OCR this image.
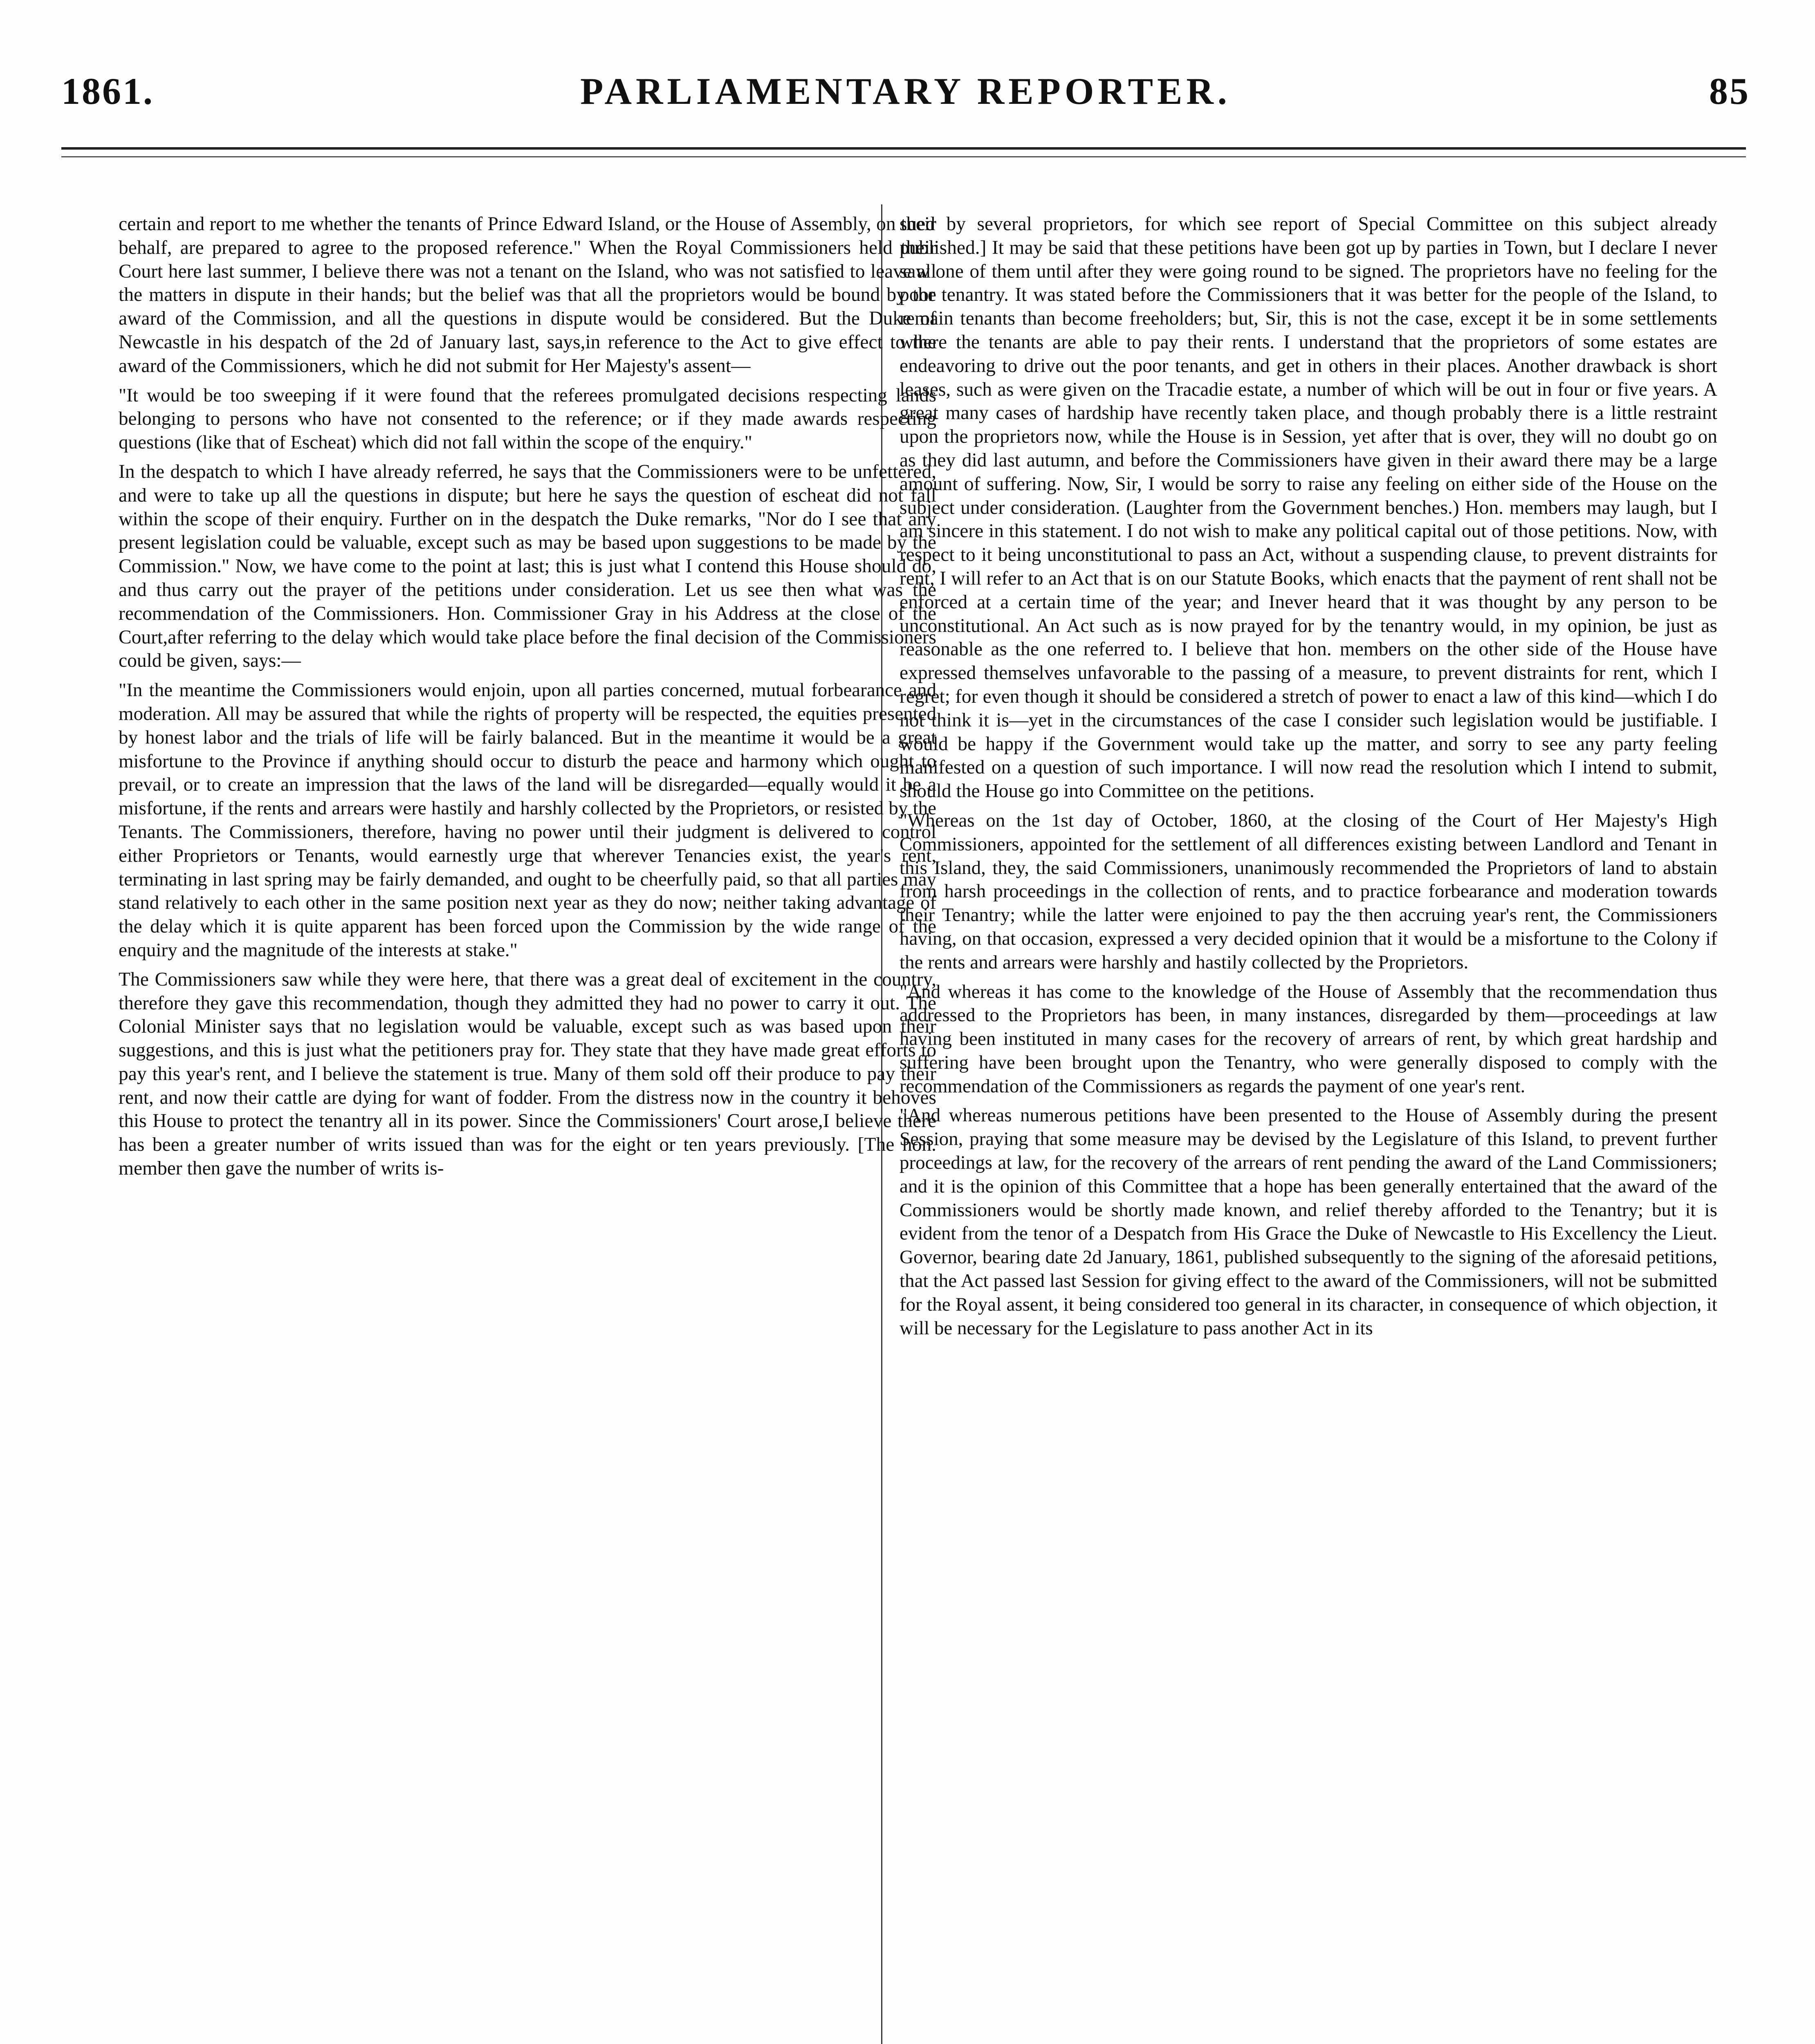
1861.	PARLIAMENTARY REPORTER.	85

certain and report to me whether the tenants of Prince Edward Island, or the House of Assembly, on their behalf, are prepared to agree to the proposed reference." When the Royal Commissioners held their Court here last summer, I believe there was not a tenant on the Island, who was not satisfied to leave all the matters in dispute in their hands; but the belief was that all the proprietors would be bound by the award of the Commission, and all the questions in dispute would be considered. But the Duke of Newcastle in his despatch of the 2d of January last, says,in reference to the Act to give effect to the award of the Commissioners, which he did not submit for Her Majesty's assent—

"It would be too sweeping if it were found that the referees promulgated decisions respecting lands belonging to persons who have not consented to the reference; or if they made awards respecting questions (like that of Escheat) which did not fall within the scope of the enquiry."

In the despatch to which I have already referred, he says that the Commissioners were to be unfettered, and were to take up all the questions in dispute; but here he says the question of escheat did not fall within the scope of their enquiry. Further on in the despatch the Duke remarks, "Nor do I see that any present legislation could be valuable, except such as may be based upon suggestions to be made by the Commission." Now, we have come to the point at last; this is just what I contend this House should do, and thus carry out the prayer of the petitions under consideration. Let us see then what was the recommendation of the Commissioners. Hon. Commissioner Gray in his Address at the close of the Court,after referring to the delay which would take place before the final decision of the Commissioners could be given, says:—

"In the meantime the Commissioners would enjoin, upon all parties concerned, mutual forbearance and moderation. All may be assured that while the rights of property will be respected, the equities presented by honest labor and the trials of life will be fairly balanced. But in the meantime it would be a great misfortune to the Province if anything should occur to disturb the peace and harmony which ought to prevail, or to create an impression that the laws of the land will be disregarded—equally would it be a misfortune, if the rents and arrears were hastily and harshly collected by the Proprietors, or resisted by the Tenants. The Commissioners, therefore, having no power until their judgment is delivered to control either Proprietors or Tenants, would earnestly urge that wherever Tenancies exist, the year's rent, terminating in last spring may be fairly demanded, and ought to be cheerfully paid, so that all parties may stand relatively to each other in the same position next year as they do now; neither taking advantage of the delay which it is quite apparent has been forced upon the Commission by the wide range of the enquiry and the magnitude of the interests at stake."

The Commissioners saw while they were here, that there was a great deal of excitement in the country, therefore they gave this recommendation, though they admitted they had no power to carry it out. The Colonial Minister says that no legislation would be valuable, except such as was based upon their suggestions, and this is just what the petitioners pray for. They state that they have made great efforts to pay this year's rent, and I believe the statement is true. Many of them sold off their produce to pay their rent, and now their cattle are dying for want of fodder. From the distress now in the country it behoves this House to protect the tenantry all in its power. Since the Commissioners' Court arose,I believe there has been a greater number of writs issued than was for the eight or ten years previously. [The hon. member then gave the number of writs is-

sued by several proprietors, for which see report of Special Committee on this subject already published.] It may be said that these petitions have been got up by parties in Town, but I declare I never saw one of them until after they were going round to be signed. The proprietors have no feeling for the poor tenantry. It was stated before the Commissioners that it was better for the people of the Island, to remain tenants than become freeholders; but, Sir, this is not the case, except it be in some settlements where the tenants are able to pay their rents. I understand that the proprietors of some estates are endeavoring to drive out the poor tenants, and get in others in their places. Another drawback is short leases, such as were given on the Tracadie estate, a number of which will be out in four or five years. A great many cases of hardship have recently taken place, and though probably there is a little restraint upon the proprietors now, while the House is in Session, yet after that is over, they will no doubt go on as they did last autumn, and before the Commissioners have given in their award there may be a large amount of suffering. Now, Sir, I would be sorry to raise any feeling on either side of the House on the subject under consideration. (Laughter from the Government benches.) Hon. members may laugh, but I am sincere in this statement. I do not wish to make any political capital out of those petitions. Now, with respect to it being unconstitutional to pass an Act, without a suspending clause, to prevent distraints for rent, I will refer to an Act that is on our Statute Books, which enacts that the payment of rent shall not be enforced at a certain time of the year; and Inever heard that it was thought by any person to be unconstitutional. An Act such as is now prayed for by the tenantry would, in my opinion, be just as reasonable as the one referred to. I believe that hon. members on the other side of the House have expressed themselves unfavorable to the passing of a measure, to prevent distraints for rent, which I regret; for even though it should be considered a stretch of power to enact a law of this kind—which I do not think it is—yet in the circumstances of the case I consider such legislation would be justifiable. I would be happy if the Government would take up the matter, and sorry to see any party feeling manifested on a question of such importance. I will now read the resolution which I intend to submit, should the House go into Committee on the petitions.

"Whereas on the 1st day of October, 1860, at the closing of the Court of Her Majesty's High Commissioners, appointed for the settlement of all differences existing between Landlord and Tenant in this Island, they, the said Commissioners, unanimously recommended the Proprietors of land to abstain from harsh proceedings in the collection of rents, and to practice forbearance and moderation towards their Tenantry; while the latter were enjoined to pay the then accruing year's rent, the Commissioners having, on that occasion, expressed a very decided opinion that it would be a misfortune to the Colony if the rents and arrears were harshly and hastily collected by the Proprietors.

"And whereas it has come to the knowledge of the House of Assembly that the recommendation thus addressed to the Proprietors has been, in many instances, disregarded by them—proceedings at law having been instituted in many cases for the recovery of arrears of rent, by which great hardship and suffering have been brought upon the Tenantry, who were generally disposed to comply with the recommendation of the Commissioners as regards the payment of one year's rent.

"And whereas numerous petitions have been presented to the House of Assembly during the present Session, praying that some measure may be devised by the Legislature of this Island, to prevent further proceedings at law, for the recovery of the arrears of rent pending the award of the Land Commissioners; and it is the opinion of this Committee that a hope has been generally entertained that the award of the Commissioners would be shortly made known, and relief thereby afforded to the Tenantry; but it is evident from the tenor of a Despatch from His Grace the Duke of Newcastle to His Excellency the Lieut. Governor, bearing date 2d January, 1861, published subsequently to the signing of the aforesaid petitions, that the Act passed last Session for giving effect to the award of the Commissioners, will not be submitted for the Royal assent, it being considered too general in its character, in consequence of which objection, it will be necessary for the Legislature to pass another Act in its
